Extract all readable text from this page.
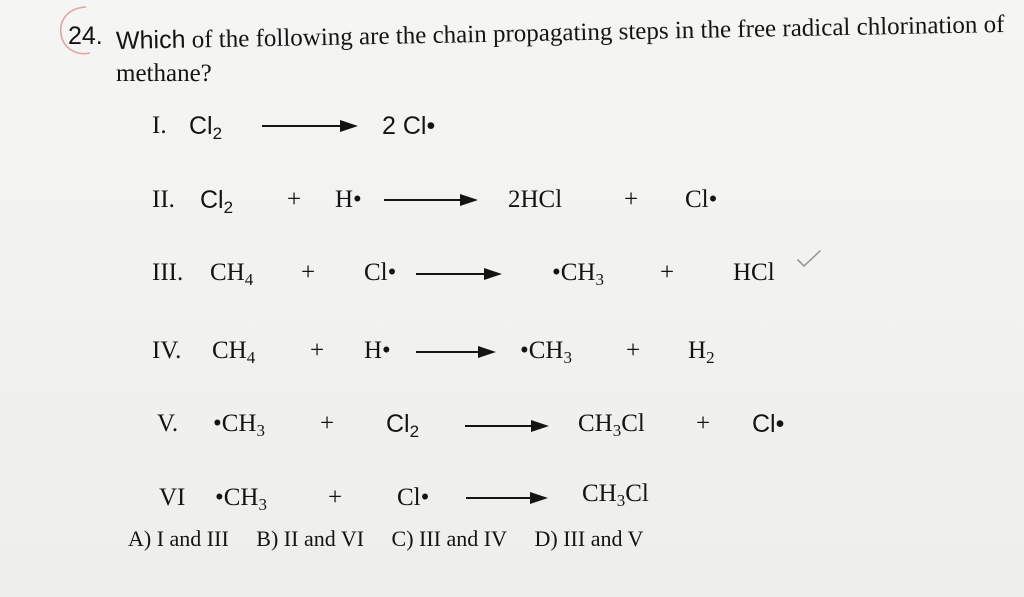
24. Which of the following are the chain propagating steps in the free radical chlorination of
methane?
I. $Cl_2$	2 Cl•
II. $Cl_2$ + H•	2HCl + Cl•
III. $CH_4$ + Cl•	$•CH_3$ + HCl
IV. $CH_4$ + H•	$•CH_3 + H_2$
V. $•CH_3 + Cl_2$	$CH_3Cl$ + Cl•
VI $•CH_3$ + Cl•	$CH_3Cl$
A) I and III B) II and VI C) III and IV D) III and V
